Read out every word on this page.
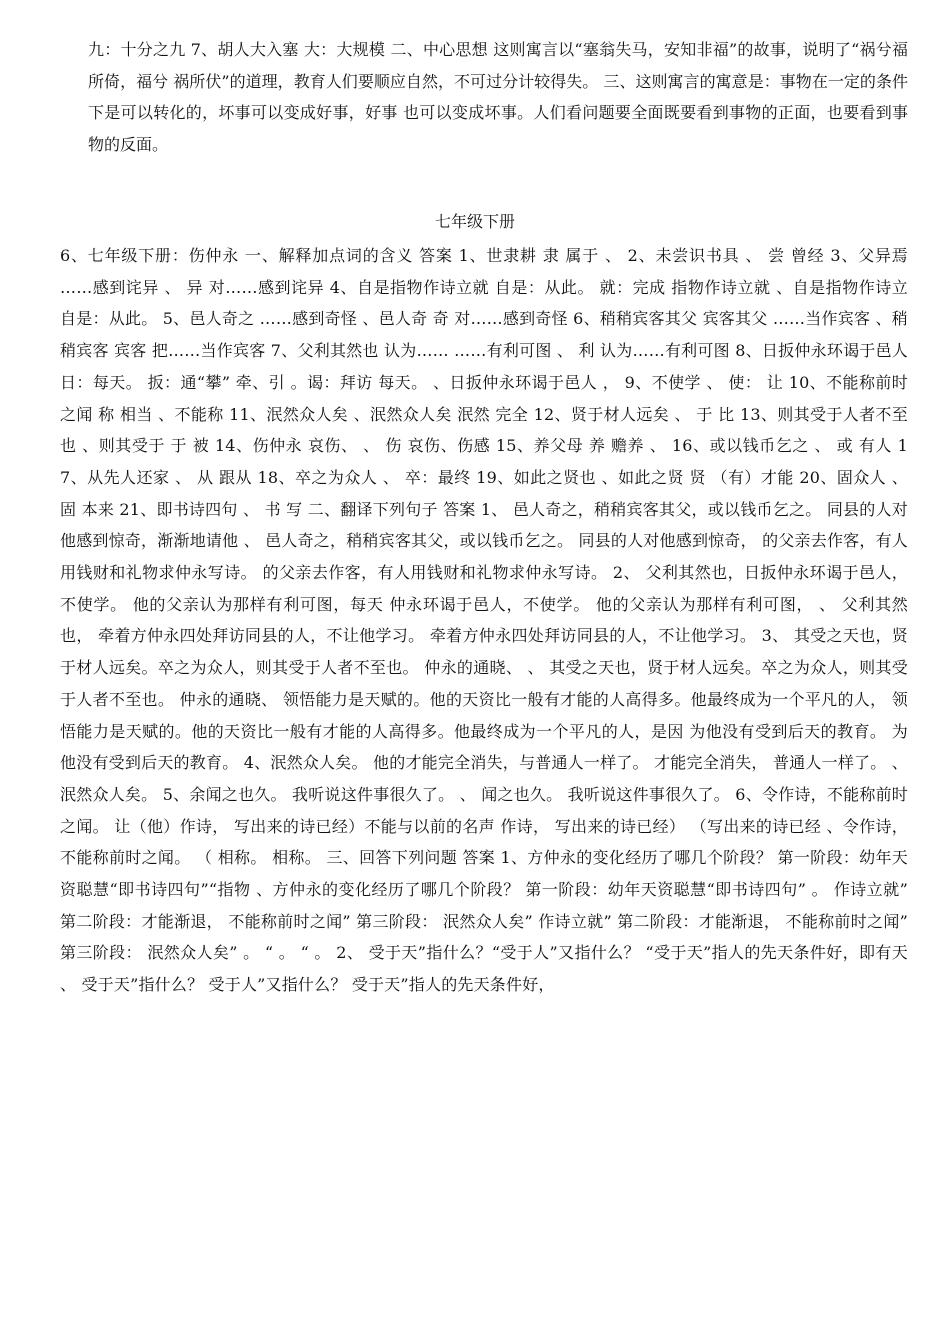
九：十分之九 7、胡人大入塞 大：大规模 二、中心思想 这则寓言以“塞翁失马，安知非福”的故事，说明了“祸兮福所倚，福兮 祸所伏”的道理，教育人们要顺应自然，不可过分计较得失。 三、这则寓言的寓意是：事物在一定的条件下是可以转化的，坏事可以变成好事，好事 也可以变成坏事。人们看问题要全面既要看到事物的正面，也要看到事物的反面。

七年级下册

6、七年级下册：伤仲永 一、解释加点词的含义 答案 1、世隶耕 隶 属于 、 2、未尝识书具 、 尝 曾经 3、父异焉 ……感到诧异 、 异 对……感到诧异 4、自是指物作诗立就 自是：从此。 就：完成 指物作诗立就 、自是指物作诗立 自是：从此。 5、邑人奇之 ……感到奇怪 、邑人奇 奇 对……感到奇怪 6、稍稍宾客其父 宾客其父 ……当作宾客 、稍稍宾客 宾客 把……当作宾客 7、父利其然也 认为…… ……有利可图 、 利 认为……有利可图 8、日扳仲永环谒于邑人 日：每天。 扳：通“攀” 牵、引 。谒：拜访 每天。 、日扳仲永环谒于邑人 ， 9、不使学 、 使： 让 10、不能称前时之闻 称 相当 、不能称 11、泯然众人矣 、泯然众人矣 泯然 完全 12、贤于材人远矣 、 于 比 13、则其受于人者不至也 、则其受于 于 被 14、伤仲永 哀伤、 、 伤 哀伤、伤感 15、养父母 养 赡养 、 16、或以钱币乞之 、 或 有人 17、从先人还家 、 从 跟从 18、卒之为众人 、 卒：最终 19、如此之贤也 、如此之贤 贤 （有）才能 20、固众人 、 固 本来 21、即书诗四句 、 书 写 二、翻译下列句子 答案 1、 邑人奇之，稍稍宾客其父，或以钱币乞之。 同县的人对他感到惊奇，渐渐地请他 、 邑人奇之，稍稍宾客其父，或以钱币乞之。 同县的人对他感到惊奇， 的父亲去作客，有人用钱财和礼物求仲永写诗。 的父亲去作客，有人用钱财和礼物求仲永写诗。 2、 父利其然也，日扳仲永环谒于邑人，不使学。 他的父亲认为那样有利可图，每天 仲永环谒于邑人，不使学。 他的父亲认为那样有利可图， 、 父利其然也， 牵着方仲永四处拜访同县的人，不让他学习。 牵着方仲永四处拜访同县的人，不让他学习。 3、 其受之天也，贤于材人远矣。卒之为众人，则其受于人者不至也。 仲永的通晓、 、 其受之天也，贤于材人远矣。卒之为众人，则其受于人者不至也。 仲永的通晓、 领悟能力是天赋的。他的天资比一般有才能的人高得多。他最终成为一个平凡的人， 领悟能力是天赋的。他的天资比一般有才能的人高得多。他最终成为一个平凡的人，是因 为他没有受到后天的教育。 为他没有受到后天的教育。 4、泯然众人矣。 他的才能完全消失，与普通人一样了。 才能完全消失， 普通人一样了。 、泯然众人矣。 5、余闻之也久。 我听说这件事很久了。 、 闻之也久。 我听说这件事很久了。 6、令作诗，不能称前时之闻。 让（他）作诗， 写出来的诗已经）不能与以前的名声 作诗， 写出来的诗已经） （写出来的诗已经 、令作诗，不能称前时之闻。 （ 相称。 相称。 三、回答下列问题 答案 1、方仲永的变化经历了哪几个阶段？ 第一阶段：幼年天资聪慧“即书诗四句”“指物 、方仲永的变化经历了哪几个阶段？ 第一阶段：幼年天资聪慧“即书诗四句” 。 作诗立就” 第二阶段：才能渐退， 不能称前时之闻” 第三阶段： 泯然众人矣” 作诗立就” 第二阶段：才能渐退， 不能称前时之闻” 第三阶段： 泯然众人矣” 。 “ 。 “ 。 2、 受于天”指什么？“受于人”又指什么？ “受于天”指人的先天条件好，即有天 、 受于天”指什么？ 受于人”又指什么？ 受于天”指人的先天条件好，
